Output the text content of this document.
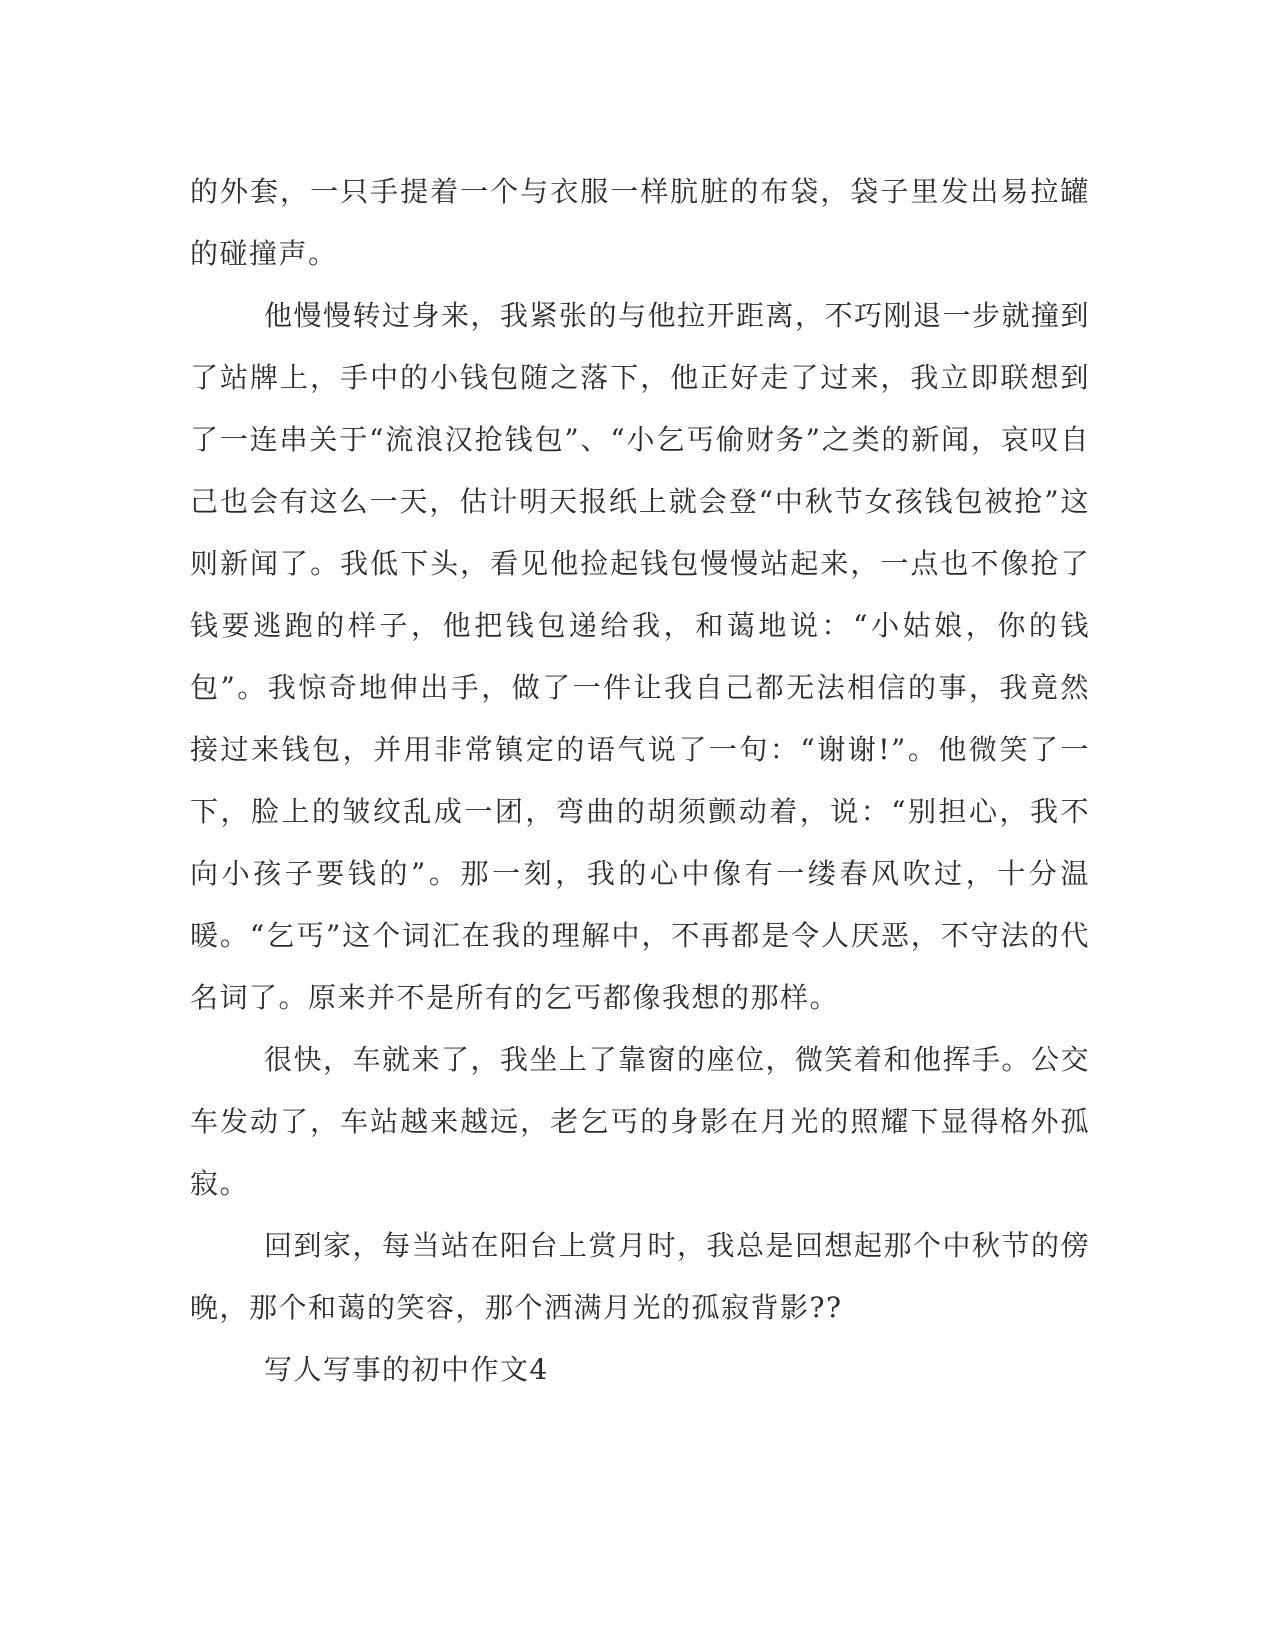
的外套，一只手提着一个与衣服一样肮脏的布袋，袋子里发出易拉罐的碰撞声。

他慢慢转过身来，我紧张的与他拉开距离，不巧刚退一步就撞到了站牌上，手中的小钱包随之落下，他正好走了过来，我立即联想到了一连串关于“流浪汉抢钱包”、“小乞丐偷财务”之类的新闻，哀叹自己也会有这么一天，估计明天报纸上就会登“中秋节女孩钱包被抢”这则新闻了。我低下头，看见他捡起钱包慢慢站起来，一点也不像抢了钱要逃跑的样子，他把钱包递给我，和蔼地说：“小姑娘，你的钱包”。我惊奇地伸出手，做了一件让我自己都无法相信的事，我竟然接过来钱包，并用非常镇定的语气说了一句：“谢谢!”。他微笑了一下，脸上的皱纹乱成一团，弯曲的胡须颤动着，说：“别担心，我不向小孩子要钱的”。那一刻，我的心中像有一缕春风吹过，十分温暖。“乞丐”这个词汇在我的理解中，不再都是令人厌恶，不守法的代名词了。原来并不是所有的乞丐都像我想的那样。

很快，车就来了，我坐上了靠窗的座位，微笑着和他挥手。公交车发动了，车站越来越远，老乞丐的身影在月光的照耀下显得格外孤寂。

回到家，每当站在阳台上赏月时，我总是回想起那个中秋节的傍晚，那个和蔼的笑容，那个洒满月光的孤寂背影??

写人写事的初中作文4
